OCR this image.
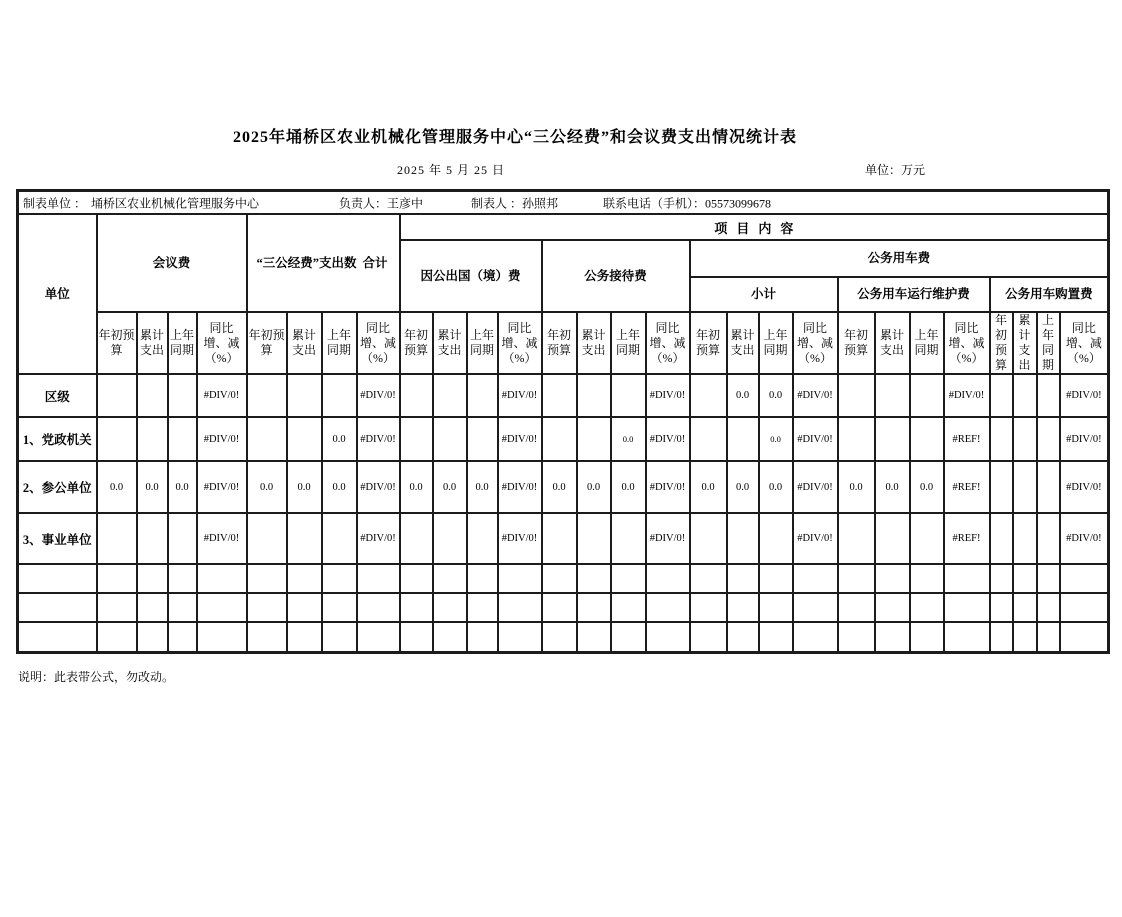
2025年埇桥区农业机械化管理服务中心“三公经费”和会议费支出情况统计表
2025 年 5 月 25 日	单位：万元
制表单位 ： 埇桥区农业机械化管理服务中心 负责人：王彦中 制表人 ：孙照邦 联系电话（手机）：05573099678																												

单位	会议费				“三公经费”支出数 合计				项目内容																			
									因公出国（境）费				公务接待费				公务用车费											
																	小计				公务用车运行维护费				公务用车购置费			
	年初预算	累计支出	上年同期	同比增、减（%）	年初预算	累计支出	上年同期	同比增、减（%）	年初预算	累计支出	上年同期	同比增、减（%）	年初预算	累计支出	上年同期	同比增、减（%）	年初预算	累计支出	上年同期	同比增、减（%）	年初预算	累计支出	上年同期	同比增、减（%）	年初预算	累计支出	上年同期	同比增、减（%）
区级				#DIV/0!				#DIV/0!				#DIV/0!				#DIV/0!		0.0	0.0	#DIV/0!				#DIV/0!				#DIV/0!
1、党政机关				#DIV/0!			0.0	#DIV/0!				#DIV/0!			0.0	#DIV/0!			0.0	#DIV/0!				#REF!				#DIV/0!
2、参公单位	0.0	0.0	0.0	#DIV/0!	0.0	0.0	0.0	#DIV/0!	0.0	0.0	0.0	#DIV/0!	0.0	0.0	0.0	#DIV/0!	0.0	0.0	0.0	#DIV/0!	0.0	0.0	0.0	#REF!				#DIV/0!
3、事业单位				#DIV/0!				#DIV/0!				#DIV/0!				#DIV/0!				#DIV/0!				#REF!				#DIV/0!

说明：此表带公式，勿改动。
